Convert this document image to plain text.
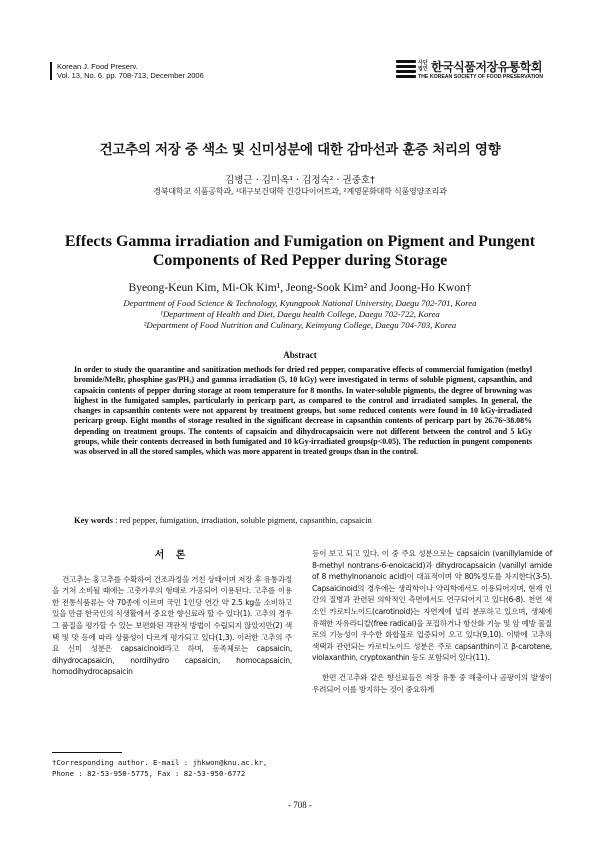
Korean J. Food Preserv.
Vol. 13, No. 6. pp. 708-713, December 2006
사단법인 한국식품저장유통학회
THE KOREAN SOCIETY OF FOOD PRESERVATION
건고추의 저장 중 색소 및 신미성분에 대한 감마선과 훈증 처리의 영향
김병근 · 김미옥¹ · 김정숙² · 권중호†
경북대학교 식품공학과, ¹대구보건대학 건강다이어트과, ²계명문화대학 식품영양조리과
Effects Gamma irradiation and Fumigation on Pigment and Pungent
Components of Red Pepper during Storage
Byeong-Keun Kim, Mi-Ok Kim¹, Jeong-Sook Kim² and Joong-Ho Kwon†
Department of Food Science & Technology, Kyungpook National University, Daegu 702-701, Korea
¹Department of Health and Diet, Daegu health College, Daegu 702-722, Korea
²Department of Food Nutrition and Culinary, Keimyung College, Daegu 704-703, Korea
Abstract
In order to study the quarantine and sanitization methods for dried red pepper, comparative effects of commercial fumigation (methyl bromide/MeBr, phosphine gas/PH₃) and gamma irradiation (5, 10 kGy) were investigated in terms of soluble pigment, capsanthin, and capsaicin contents of pepper during storage at room temperature for 8 months. In water-soluble pigments, the degree of browning was highest in the fumigated samples, particularly in pericarp part, as compared to the control and irradiated samples. In general, the changes in capsanthin contents were not apparent by treatment groups, but some reduced contents were found in 10 kGy-irradiated pericarp group. Eight months of storage resulted in the significant decrease in capsanthin contents of pericarp part by 26.76~38.08% depending on treatment groups. The contents of capsaicin and dihydrocapsaicin were not different between the control and 5 kGy groups, while their contents decreased in both fumigated and 10 kGy-irradiated groups(p<0.05). The reduction in pungent components was observed in all the stored samples, which was more apparent in treated groups than in the control.
Key words : red pepper, fumigation, irradiation, soluble pigment, capsanthin, capsaicin
서 론

건고추는 홍고추를 수확하여 건조과정을 거친 상태이며 저장 후 유통과정을 거쳐 소비될 때에는 고춧가루의 형태로 가공되어 이용된다. 고추를 이용한 전통식품류는 약 70종에 이르며 국민 1인당 연간 약 2.5 kg을 소비하고 있을 만큼 한국인의 식생활에서 중요한 향신료라 할 수 있다(1). 고추의 경우 그 품질을 평가할 수 있는 보편화된 객관적 방법이 수립되지 않았지만(2) 색택 및 맛 등에 따라 상품성이 다르게 평가되고 있다(1,3). 이러한 고추의 주요 신미 성분은 capsaicinoid라고 하며, 동족체로는 capsaicin, dihydrocapsaicin, nordihydro capsaicin, homocapsaicin, homodihydrocapsaicin

등이 보고 되고 있다. 이 중 주요 성분으로는 capsaicin (vanillylamide of 8-methyl nontrans-6-enoicacid)과 dihydrocapsaicin (vanillyl amide of 8 methylnonanoic acid)이 대표적이며 약 80%정도를 차지한다(3-5). Capsaicinoid의 경우에는 생리학이나 약리학에서도 이용되어지며, 현재 인간의 질병과 관련된 의학적인 측면에서도 연구되어지고 있다(6-8). 천연 색소인 카로티노이드(carotinoid)는 자연계에 널리 분포하고 있으며, 생체에 유해한 자유라디칼(free radical)을 포집하거나 항산화 기능 및 암 예방 물질로의 기능성이 우수한 화합물로 입증되어 오고 있다(9,10). 이밖에 고추의 색택과 관련되는 카로티노이드 성분은 주로 capsanthin이고 β-carotene, violaxanthin, cryptoxanthin 등도 포함되어 있다(11).

한편 건고추와 같은 향신료들은 저장 유통 중 해충이나 곰팡이의 발생이 우려되어 이를 방지하는 것이 중요하게

†Corresponding author. E-mail : jhkwon@knu.ac.kr,
Phone : 82-53-950-5775, Fax : 82-53-950-6772
- 708 -
